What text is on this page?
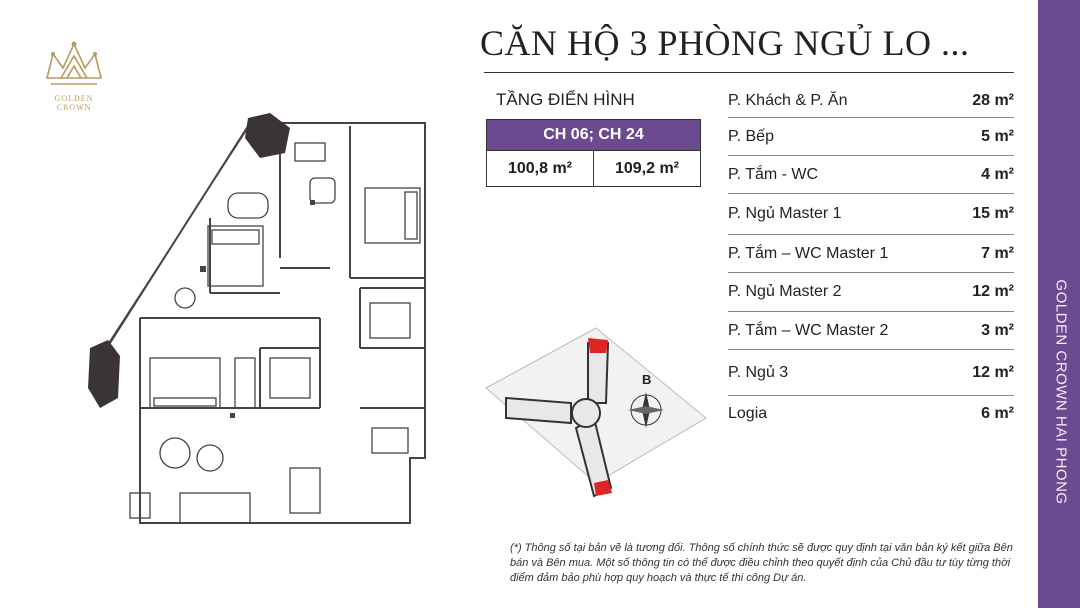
GOLDEN
CROWN
CĂN HỘ 3 PHÒNG NGỦ LO ...
GOLDEN CROWN HAI PHONG
TẦNG ĐIỂN HÌNH
CH 06; CH 24
100,8 m²	109,2 m²
P. Khách & P. Ăn	28 m²
P. Bếp	5 m²
P. Tắm - WC	4 m²
P. Ngủ Master 1	15 m²
P. Tắm – WC Master 1	7 m²
P. Ngủ Master 2	12 m²
P. Tắm – WC Master 2	3 m²
P. Ngủ 3	12 m²
Logia	6 m²
B
(*) Thông số tại bản vẽ là tương đối. Thông số chính thức sẽ được quy định tại văn bản ký kết giữa Bên bán và Bên mua. Một số thông tin có thể được điều chỉnh theo quyết định của Chủ đầu tư tùy từng thời điểm đảm bảo phù hợp quy hoạch và thực tế thi công Dự án.
